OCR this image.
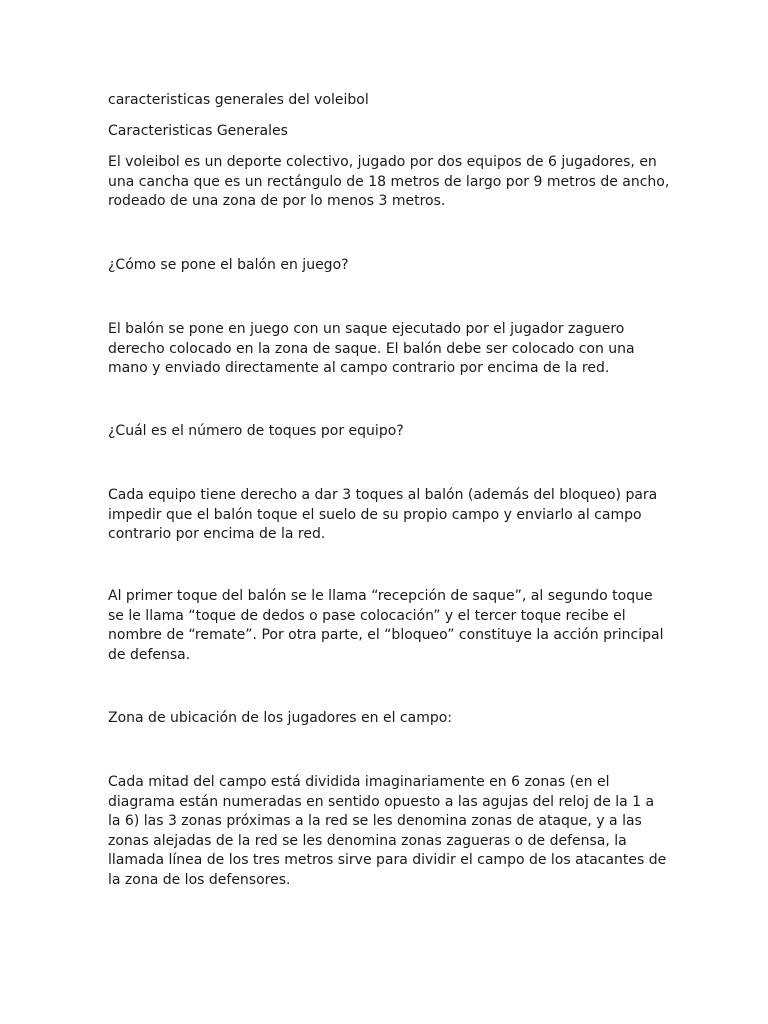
caracteristicas generales del voleibol

Caracteristicas Generales

El voleibol es un deporte colectivo, jugado por dos equipos de 6 jugadores, en
una cancha que es un rectángulo de 18 metros de largo por 9 metros de ancho,
rodeado de una zona de por lo menos 3 metros.

¿Cómo se pone el balón en juego?

El balón se pone en juego con un saque ejecutado por el jugador zaguero
derecho colocado en la zona de saque. El balón debe ser colocado con una
mano y enviado directamente al campo contrario por encima de la red.

¿Cuál es el número de toques por equipo?

Cada equipo tiene derecho a dar 3 toques al balón (además del bloqueo) para
impedir que el balón toque el suelo de su propio campo y enviarlo al campo
contrario por encima de la red.

Al primer toque del balón se le llama “recepción de saque”, al segundo toque
se le llama “toque de dedos o pase colocación” y el tercer toque recibe el
nombre de “remate”. Por otra parte, el “bloqueo” constituye la acción principal
de defensa.

Zona de ubicación de los jugadores en el campo:

Cada mitad del campo está dividida imaginariamente en 6 zonas (en el
diagrama están numeradas en sentido opuesto a las agujas del reloj de la 1 a
la 6) las 3 zonas próximas a la red se les denomina zonas de ataque, y a las
zonas alejadas de la red se les denomina zonas zagueras o de defensa, la
llamada línea de los tres metros sirve para dividir el campo de los atacantes de
la zona de los defensores.
